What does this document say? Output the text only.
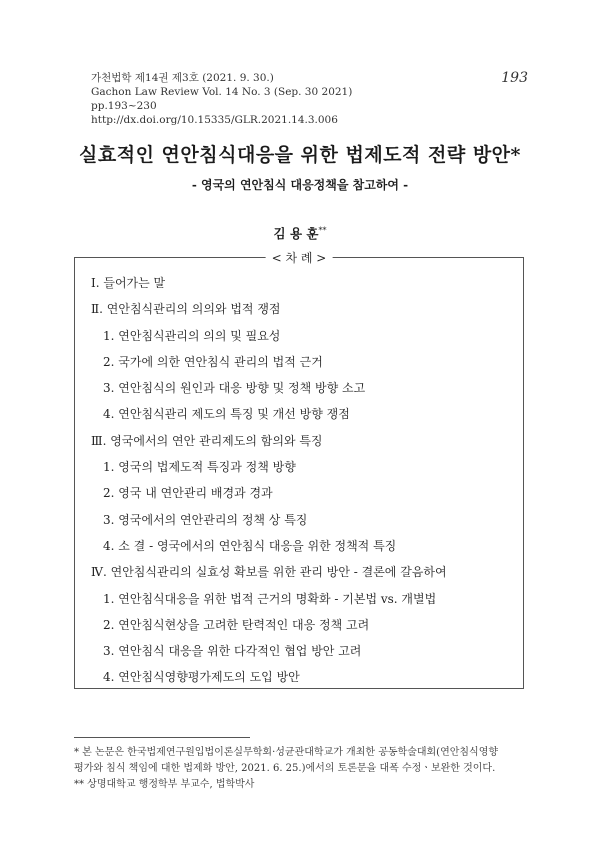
가천법학 제14권 제3호 (2021. 9. 30.)
Gachon Law Review Vol. 14 No. 3 (Sep. 30 2021)
pp.193~230
http://dx.doi.org/10.15335/GLR.2021.14.3.006
193
실효적인 연안침식대응을 위한 법제도적 전략 방안*
- 영국의 연안침식 대응정책을 참고하여 -
김 용 훈**
< 차 례 >
Ⅰ. 들어가는 말
Ⅱ. 연안침식관리의 의의와 법적 쟁점
1. 연안침식관리의 의의 및 필요성
2. 국가에 의한 연안침식 관리의 법적 근거
3. 연안침식의 원인과 대응 방향 및 정책 방향 소고
4. 연안침식관리 제도의 특징 및 개선 방향 쟁점
Ⅲ. 영국에서의 연안 관리제도의 함의와 특징
1. 영국의 법제도적 특징과 정책 방향
2. 영국 내 연안관리 배경과 경과
3. 영국에서의 연안관리의 정책 상 특징
4. 소 결 - 영국에서의 연안침식 대응을 위한 정책적 특징
Ⅳ. 연안침식관리의 실효성 확보를 위한 관리 방안 - 결론에 갈음하여
1. 연안침식대응을 위한 법적 근거의 명확화 - 기본법 vs. 개별법
2. 연안침식현상을 고려한 탄력적인 대응 정책 고려
3. 연안침식 대응을 위한 다각적인 협업 방안 고려
4. 연안침식영향평가제도의 도입 방안
* 본 논문은 한국법제연구원입법이론실무학회·성균관대학교가 개최한 공동학술대회(연안침식영향
평가와 침식 책임에 대한 법제화 방안, 2021. 6. 25.)에서의 토론문을 대폭 수정ㆍ보완한 것이다.
** 상명대학교 행정학부 부교수, 법학박사
